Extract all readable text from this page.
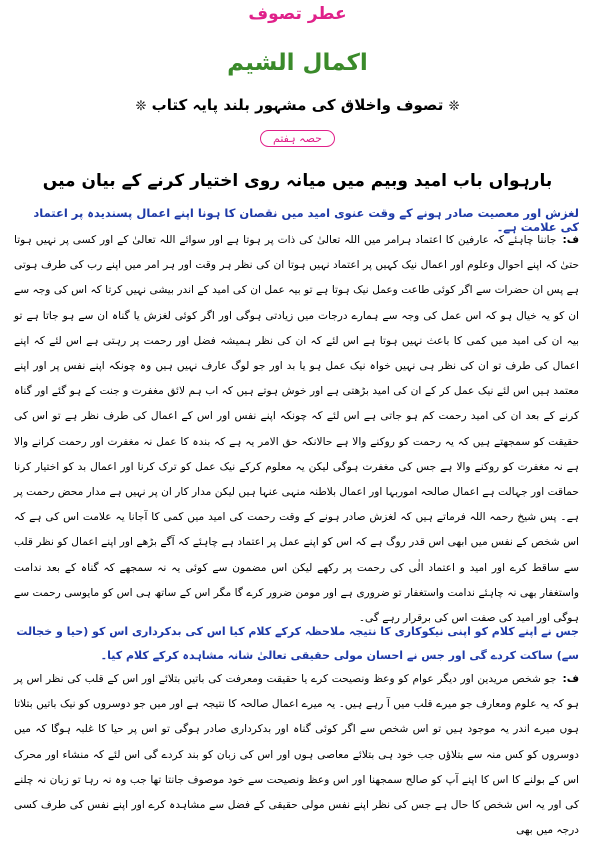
عطر تصوف
اکمال الشیم
❊ تصوف واخلاق کی مشہور بلند پایہ کتاب ❊
حصہ ہفتم
بارہواں باب امید وبیم میں میانہ روی اختیار کرنے کے بیان میں
لغزش اور معصیت صادر ہونے کے وقت عنوی امید میں نقصان کا ہونا اپنے اعمال پسندیدہ پر اعتماد کی علامت ہے۔
ف:جاننا چاہئے کہ عارفین کا اعتماد ہرامر میں اللہ تعالیٰ کی ذات پر ہوتا ہے اور سوائے اللہ تعالیٰ کے اور کسی پر نہیں ہوتا حتیٰ کہ اپنے احوال وعلوم اور اعمال نیک کہیں پر اعتماد نہیں ہوتا ان کی نظر ہر وقت اور ہر امر میں اپنے رب کی طرف ہوتی ہے پس ان حضرات سے اگر کوئی طاعت وعمل نیک ہوتا ہے تو بیہ عمل ان کی امید کے اندر بیشی نہیں کرتا کہ اس کی وجہ سے ان کو یہ خیال ہو کہ اس عمل کی وجہ سے ہمارے درجات میں زیادتی ہوگی اور اگر کوئی لغزش یا گناہ ان سے ہو جاتا ہے تو بیہ ان کی امید میں کمی کا باعث نہیں ہوتا ہے اس لئے کہ ان کی نظر ہمیشہ فضل اور رحمت پر رہتی ہے اس لئے کہ اپنے اعمال کی طرف تو ان کی نظر ہی نہیں خواہ نیک عمل ہو یا بد اور جو لوگ عارف نہیں ہیں وہ چونکہ اپنے نفس پر اور اپنے معتمد ہیں اس لئے نیک عمل کر کے ان کی امید بڑھتی ہے اور خوش ہوتے ہیں کہ اب ہم لائق مغفرت و جنت کے ہو گئے اور گناہ کرنے کے بعد ان کی امید رحمت کم ہو جاتی ہے اس لئے کہ چونکہ اپنے نفس اور اس کے اعمال کی طرف نظر ہے تو اس کی حقیقت کو سمجھتے ہیں کہ یہ رحمت کو روکنے والا ہے حالانکہ حق الامر یہ ہے کہ بندہ کا عمل نہ مغفرت اور رحمت کرانے والا ہے نہ مغفرت کو روکنے والا ہے جس کی مغفرت ہوگی لیکن یہ معلوم کرکے نیک عمل کو ترک کرنا اور اعمال بد کو اختیار کرنا حماقت اور جہالت ہے اعمال صالحہ اموربہا اور اعمال بلاطنہ منہی عنہا ہیں لیکن مدار کار ان پر نہیں ہے مدار محض رحمت پر ہے۔ پس شیخ رحمہ اللہ فرماتے ہیں کہ لغزش صادر ہونے کے وقت رحمت کی امید میں کمی کا آجانا یہ علامت اس کی ہے کہ اس شخص کے نفس میں ابھی اس قدر روگ ہے کہ اس کو اپنے عمل پر اعتماد ہے چاہئے کہ آگے بڑھے اور اپنے اعمال کو نظر قلب سے ساقط کرے اور امید و اعتماد الٰی کی رحمت پر رکھے لیکن اس مضمون سے کوئی یہ نہ سمجھے کہ گناہ کے بعد ندامت واستغفار بھی نہ چاہئے ندامت واستغفار تو ضروری ہے اور مومن ضرور کرے گا مگر اس کے ساتھ ہی اس کو مایوسی رحمت سے ہوگی اور امید کی صفت اس کی برقرار رہے گی۔
جس نے اپنے کلام کو اپنی نیکوکاری کا نتیجہ ملاحظہ کرکے کلام کیا اس کی بدکرداری اس کو (حیا و خجالت سے) ساکت کردے گی اور جس نے احسان مولی حقیقی تعالیٰ شانہ مشاہدہ کرکے کلام کیا۔
ف:جو شخص مریدین اور دیگر عوام کو وعظ ونصیحت کرے یا حقیقت ومعرفت کی باتیں بتلائے اور اس کے قلب کی نظر اس پر ہو کہ یہ علوم ومعارف جو میرے قلب میں آ رہے ہیں۔ یہ میرے اعمال صالحہ کا نتیجہ ہے اور میں جو دوسروں کو نیک باتیں بتلاتا ہوں میرے اندر یہ موجود ہیں تو اس شخص سے اگر کوئی گناہ اور بدکرداری صادر ہوگی تو اس پر حیا کا غلبہ ہوگا کہ میں دوسروں کو کس منہ سے بتلاؤں جب خود ہی بتلائے معاصی ہوں اور اس کی زبان کو بند کردے گی اس لئے کہ منشاء اور محرک اس کے بولنے کا اس کا اپنے آپ کو صالح سمجھنا اور اس وعظ ونصیحت سے خود موصوف جانتا تھا جب وہ نہ رہا تو زبان نہ چلنے کی اور یہ اس شخص کا حال ہے جس کی نظر اپنے نفس مولی حقیقی کے فضل سے مشاہدہ کرے اور اپنے نفس کی طرف کسی درجہ میں بھی
